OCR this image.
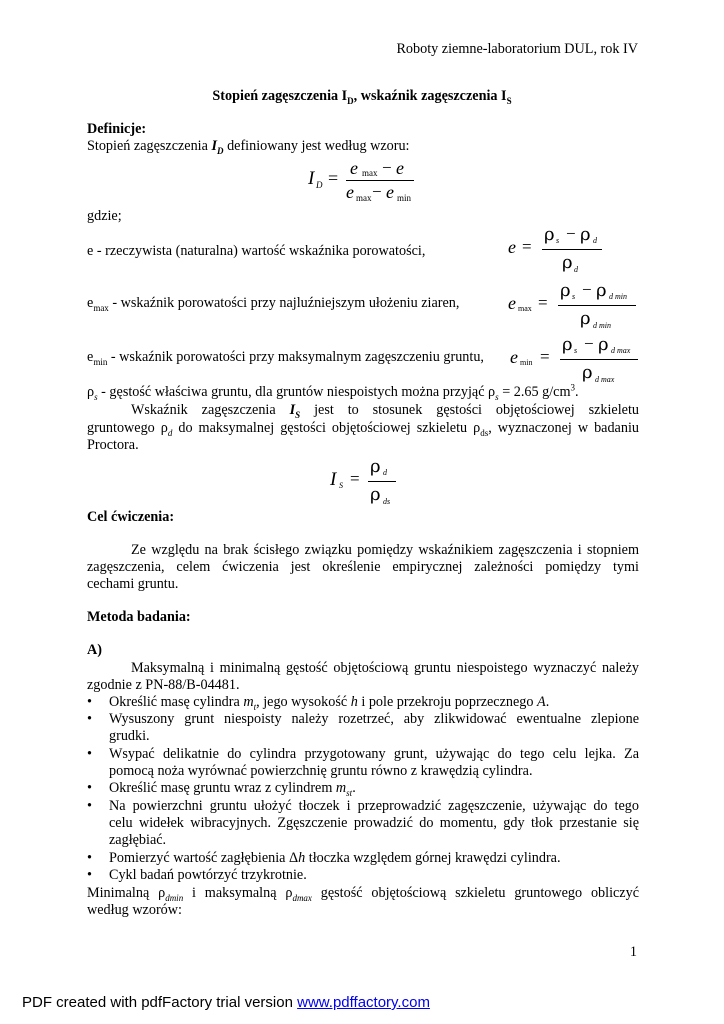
Roboty ziemne-laboratorium DUL, rok IV
Stopień zagęszczenia $I_D$, wskaźnik zagęszczenia $I_S$
Definicje:
Stopień zagęszczenia $I_D$ definiowany jest według wzoru:
I D = e max − e
e max − e min
gdzie;
e - rzeczywista (naturalna) wartość wskaźnika porowatości,	e =
ρ s − ρ d
ρ d
$e_{max}$ - wskaźnik porowatości przy najluźniejszym ułożeniu ziaren,	e max =
ρ s − ρ d min
ρ d min
$e_{min}$ - wskaźnik porowatości przy maksymalnym zagęszczeniu gruntu,	e min =
ρ s − ρ d max
ρ d max
$\rho_s$ - gęstość właściwa gruntu, dla gruntów niespoistych można przyjąć $\rho_s = 2.65$ $g/cm^3$.
Wskaźnik zagęszczenia $I_S$ jest to stosunek gęstości objętościowej szkieletu
gruntowego $\rho_d$ do maksymalnej gęstości objętościowej szkieletu $\rho_{ds}$, wyznaczonej w badaniu
Proctora.
I S =
ρ d
ρ ds
Cel ćwiczenia:
Ze względu na brak ścisłego związku pomiędzy wskaźnikiem zagęszczenia i stopniem
zagęszczenia, celem ćwiczenia jest określenie empirycznej zależności pomiędzy tymi
cechami gruntu.
Metoda badania:
A)
Maksymalną i minimalną gęstość objętościową gruntu niespoistego wyznaczyć należy
zgodnie z PN-88/B-04481.
•	Określić masę cylindra $m_t$, jego wysokość h i pole przekroju poprzecznego A.
•	Wysuszony grunt niespoisty należy rozetrzeć, aby zlikwidować ewentualne zlepione
grudki.
•	Wsypać delikatnie do cylindra przygotowany grunt, używając do tego celu lejka. Za
pomocą noża wyrównać powierzchnię gruntu równo z krawędzią cylindra.
•	Określić masę gruntu wraz z cylindrem $m_{st}$.
•	Na powierzchni gruntu ułożyć tłoczek i przeprowadzić zagęszczenie, używając do tego
celu widełek wibracyjnych. Zgęszczenie prowadzić do momentu, gdy tłok przestanie się
zagłębiać.
•	Pomierzyć wartość zagłębienia Δh tłoczka względem górnej krawędzi cylindra.
•	Cykl badań powtórzyć trzykrotnie.
Minimalną $\rho_{dmin}$ i maksymalną $\rho_{dmax}$ gęstość objętościową szkieletu gruntowego obliczyć
według wzorów:
1
PDF created with pdfFactory trial version www.pdffactory.com
